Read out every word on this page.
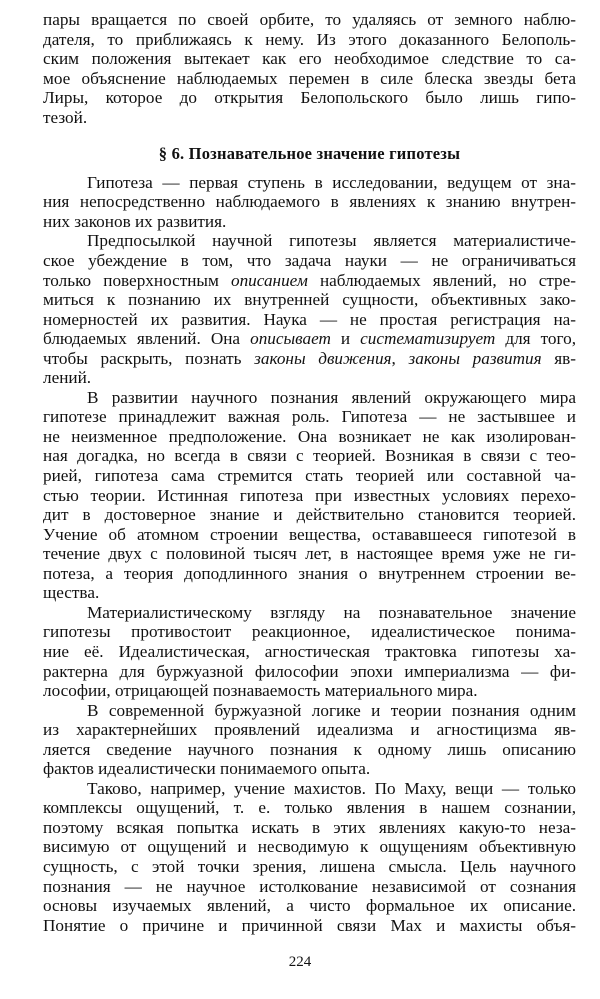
пары вращается по своей орбите, то удаляясь от земного наблю-
дателя, то приближаясь к нему. Из этого доказанного Белополь-
ским положения вытекает как его необходимое следствие то са-
мое объяснение наблюдаемых перемен в силе блеска звезды бета
Лиры, которое до открытия Белопольского было лишь гипо-
тезой.
§ 6. Познавательное значение гипотезы
Гипотеза — первая ступень в исследовании, ведущем от зна-
ния непосредственно наблюдаемого в явлениях к знанию внутрен-
них законов их развития.
Предпосылкой научной гипотезы является материалистиче-
ское убеждение в том, что задача науки — не ограничиваться
только поверхностным описанием наблюдаемых явлений, но стре-
миться к познанию их внутренней сущности, объективных зако-
номерностей их развития. Наука — не простая регистрация на-
блюдаемых явлений. Она описывает и систематизирует для того,
чтобы раскрыть, познать законы движения, законы развития яв-
лений.
В развитии научного познания явлений окружающего мира
гипотезе принадлежит важная роль. Гипотеза — не застывшее и
не неизменное предположение. Она возникает не как изолирован-
ная догадка, но всегда в связи с теорией. Возникая в связи с тео-
рией, гипотеза сама стремится стать теорией или составной ча-
стью теории. Истинная гипотеза при известных условиях перехо-
дит в достоверное знание и действительно становится теорией.
Учение об атомном строении вещества, остававшееся гипотезой в
течение двух с половиной тысяч лет, в настоящее время уже не ги-
потеза, а теория доподлинного знания о внутреннем строении ве-
щества.
Материалистическому взгляду на познавательное значение
гипотезы противостоит реакционное, идеалистическое понима-
ние её. Идеалистическая, агностическая трактовка гипотезы ха-
рактерна для буржуазной философии эпохи империализма — фи-
лософии, отрицающей познаваемость материального мира.
В современной буржуазной логике и теории познания одним
из характернейших проявлений идеализма и агностицизма яв-
ляется сведение научного познания к одному лишь описанию
фактов идеалистически понимаемого опыта.
Таково, например, учение махистов. По Маху, вещи — только
комплексы ощущений, т. е. только явления в нашем сознании,
поэтому всякая попытка искать в этих явлениях какую-то неза-
висимую от ощущений и несводимую к ощущениям объективную
сущность, с этой точки зрения, лишена смысла. Цель научного
познания — не научное истолкование независимой от сознания
основы изучаемых явлений, а чисто формальное их описание.
Понятие о причине и причинной связи Мах и махисты объя-
224
